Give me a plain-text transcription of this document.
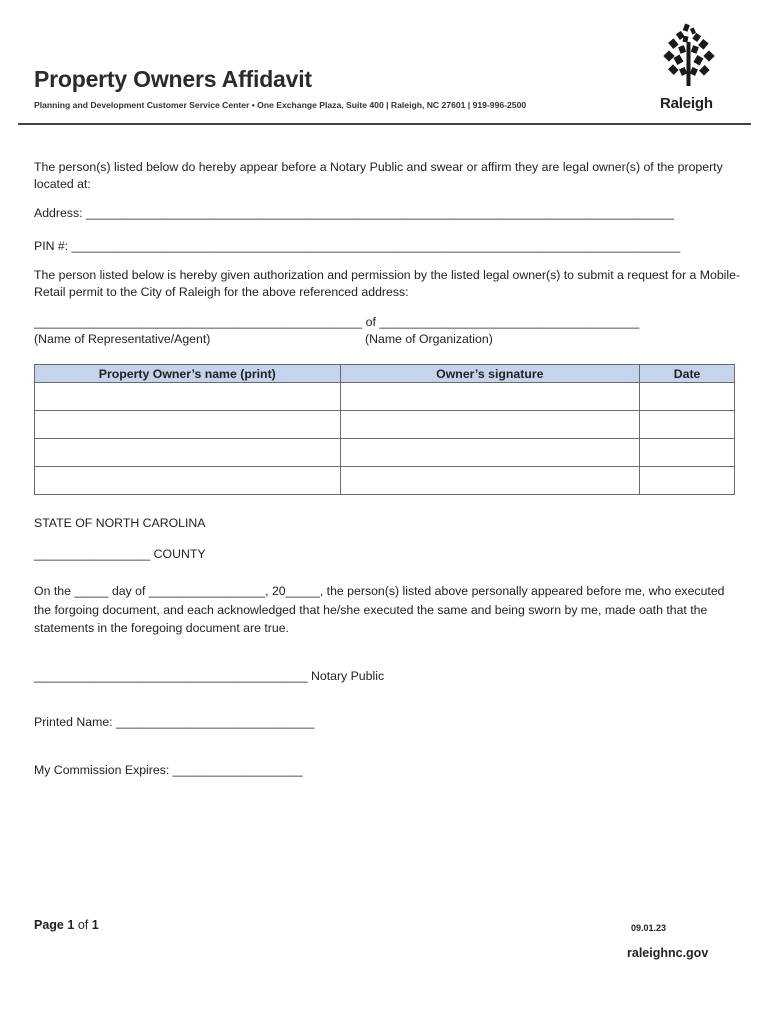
Property Owners Affidavit
Planning and Development Customer Service Center • One Exchange Plaza, Suite 400 | Raleigh, NC 27601 | 919-996-2500	Raleigh
The person(s) listed below do hereby appear before a Notary Public and swear or affirm they are legal owner(s) of the property located at:
Address: ______________________________________________________________________________________
PIN #: _________________________________________________________________________________________
The person listed below is hereby given authorization and permission by the listed legal owner(s) to submit a request for a Mobile-Retail permit to the City of Raleigh for the above referenced address:
________________________________________________ of ______________________________________
(Name of Representative/Agent)	(Name of Organization)
Property Owner’s name (print)	Owner’s signature	Date

STATE OF NORTH CAROLINA
_________________ COUNTY
On the _____ day of _________________, 20_____, the person(s) listed above personally appeared before me, who executed the forgoing document, and each acknowledged that he/she executed the same and being sworn by me, made oath that the statements in the foregoing document are true.
________________________________________ Notary Public
Printed Name: _____________________________
My Commission Expires: ___________________
Page 1 of 1	09.01.23
raleighnc.gov
